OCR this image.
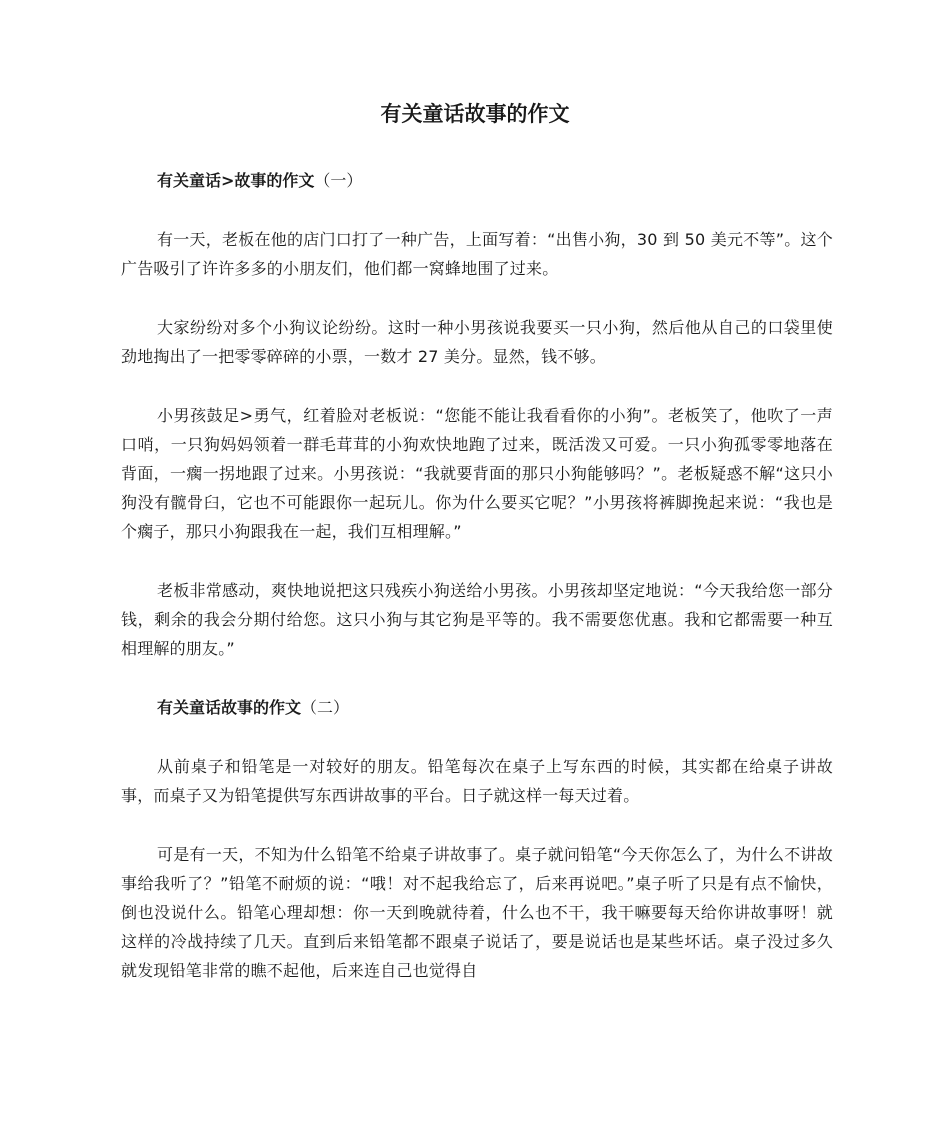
有关童话故事的作文

有关童话>故事的作文（一）

有一天，老板在他的店门口打了一种广告，上面写着：“出售小狗，30 到 50 美元不等”。这个广告吸引了许许多多的小朋友们，他们都一窝蜂地围了过来。

大家纷纷对多个小狗议论纷纷。这时一种小男孩说我要买一只小狗，然后他从自己的口袋里使劲地掏出了一把零零碎碎的小票，一数才 27 美分。显然，钱不够。

小男孩鼓足>勇气，红着脸对老板说：“您能不能让我看看你的小狗”。老板笑了，他吹了一声口哨，一只狗妈妈领着一群毛茸茸的小狗欢快地跑了过来，既活泼又可爱。一只小狗孤零零地落在背面，一瘸一拐地跟了过来。小男孩说：“我就要背面的那只小狗能够吗？”。老板疑惑不解“这只小狗没有髋骨臼，它也不可能跟你一起玩儿。你为什么要买它呢？”小男孩将裤脚挽起来说：“我也是个瘸子，那只小狗跟我在一起，我们互相理解。”

老板非常感动，爽快地说把这只残疾小狗送给小男孩。小男孩却坚定地说：“今天我给您一部分钱，剩余的我会分期付给您。这只小狗与其它狗是平等的。我不需要您优惠。我和它都需要一种互相理解的朋友。”

有关童话故事的作文（二）

从前桌子和铅笔是一对较好的朋友。铅笔每次在桌子上写东西的时候，其实都在给桌子讲故事，而桌子又为铅笔提供写东西讲故事的平台。日子就这样一每天过着。

可是有一天，不知为什么铅笔不给桌子讲故事了。桌子就问铅笔“今天你怎么了，为什么不讲故事给我听了？”铅笔不耐烦的说：“哦！对不起我给忘了，后来再说吧。”桌子听了只是有点不愉快，倒也没说什么。铅笔心理却想：你一天到晚就待着，什么也不干，我干嘛要每天给你讲故事呀！就这样的冷战持续了几天。直到后来铅笔都不跟桌子说话了，要是说话也是某些坏话。桌子没过多久就发现铅笔非常的瞧不起他，后来连自己也觉得自
